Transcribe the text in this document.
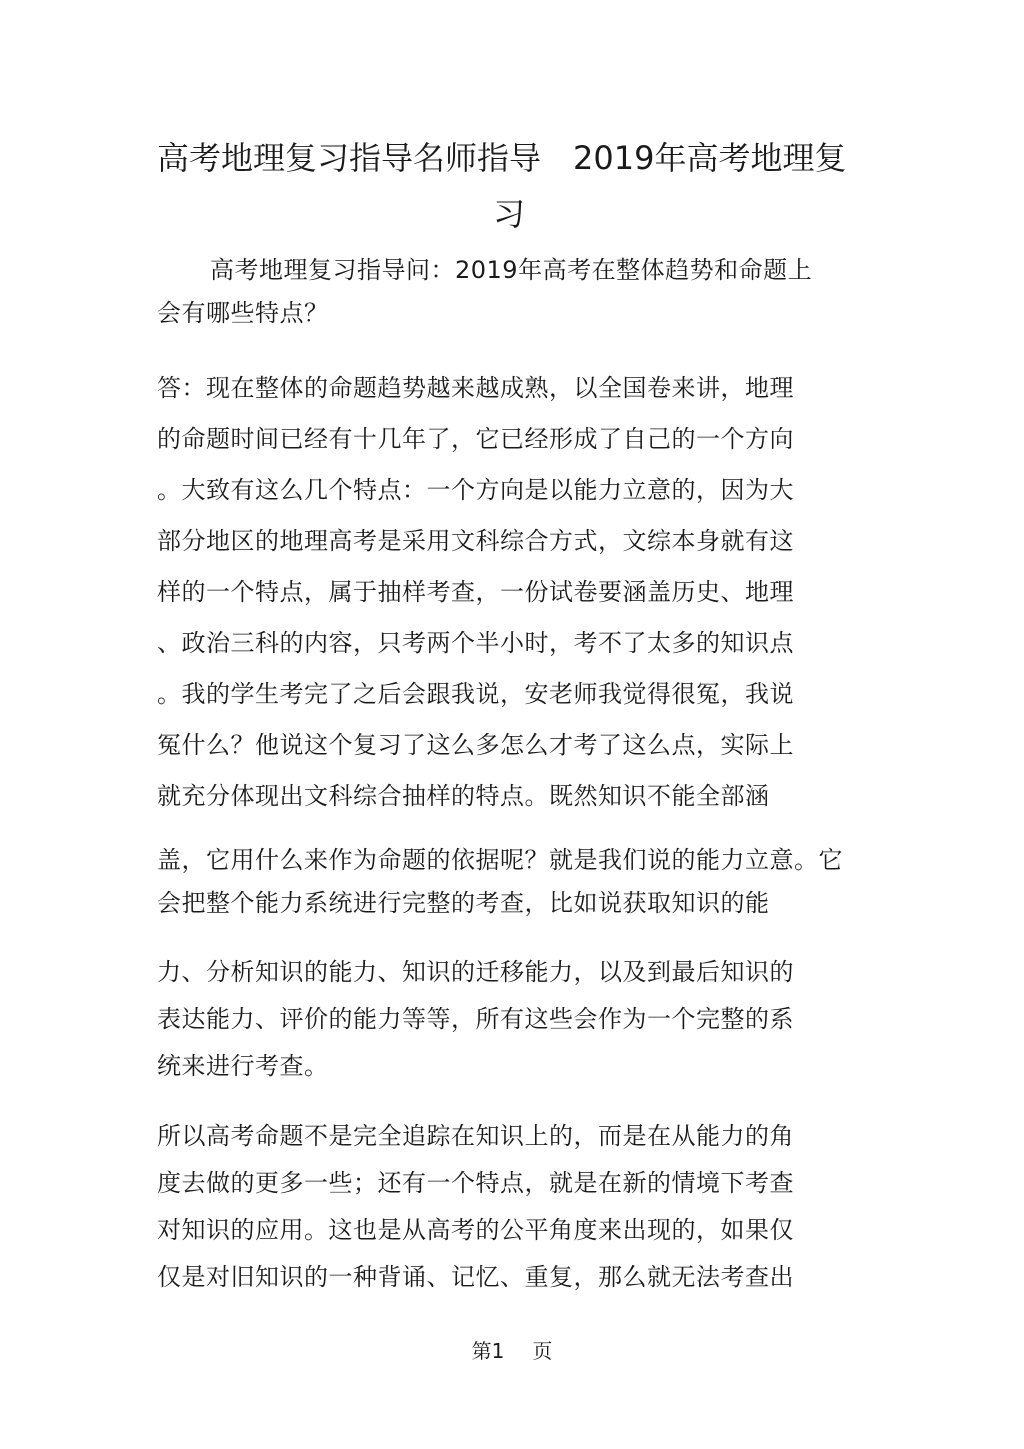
高考地理复习指导名师指导　2019年高考地理复
习
高考地理复习指导问：2019年高考在整体趋势和命题上
会有哪些特点？
答：现在整体的命题趋势越来越成熟，以全国卷来讲，地理
的命题时间已经有十几年了，它已经形成了自己的一个方向
。大致有这么几个特点：一个方向是以能力立意的，因为大
部分地区的地理高考是采用文科综合方式，文综本身就有这
样的一个特点，属于抽样考查，一份试卷要涵盖历史、地理
、政治三科的内容，只考两个半小时，考不了太多的知识点
。我的学生考完了之后会跟我说，安老师我觉得很冤，我说
冤什么？他说这个复习了这么多怎么才考了这么点，实际上
就充分体现出文科综合抽样的特点。既然知识不能全部涵
盖，它用什么来作为命题的依据呢？就是我们说的能力立意。它
会把整个能力系统进行完整的考查，比如说获取知识的能
力、分析知识的能力、知识的迁移能力，以及到最后知识的
表达能力、评价的能力等等，所有这些会作为一个完整的系
统来进行考查。
所以高考命题不是完全追踪在知识上的，而是在从能力的角
度去做的更多一些；还有一个特点，就是在新的情境下考查
对知识的应用。这也是从高考的公平角度来出现的，如果仅
仅是对旧知识的一种背诵、记忆、重复，那么就无法考查出
第1 页
